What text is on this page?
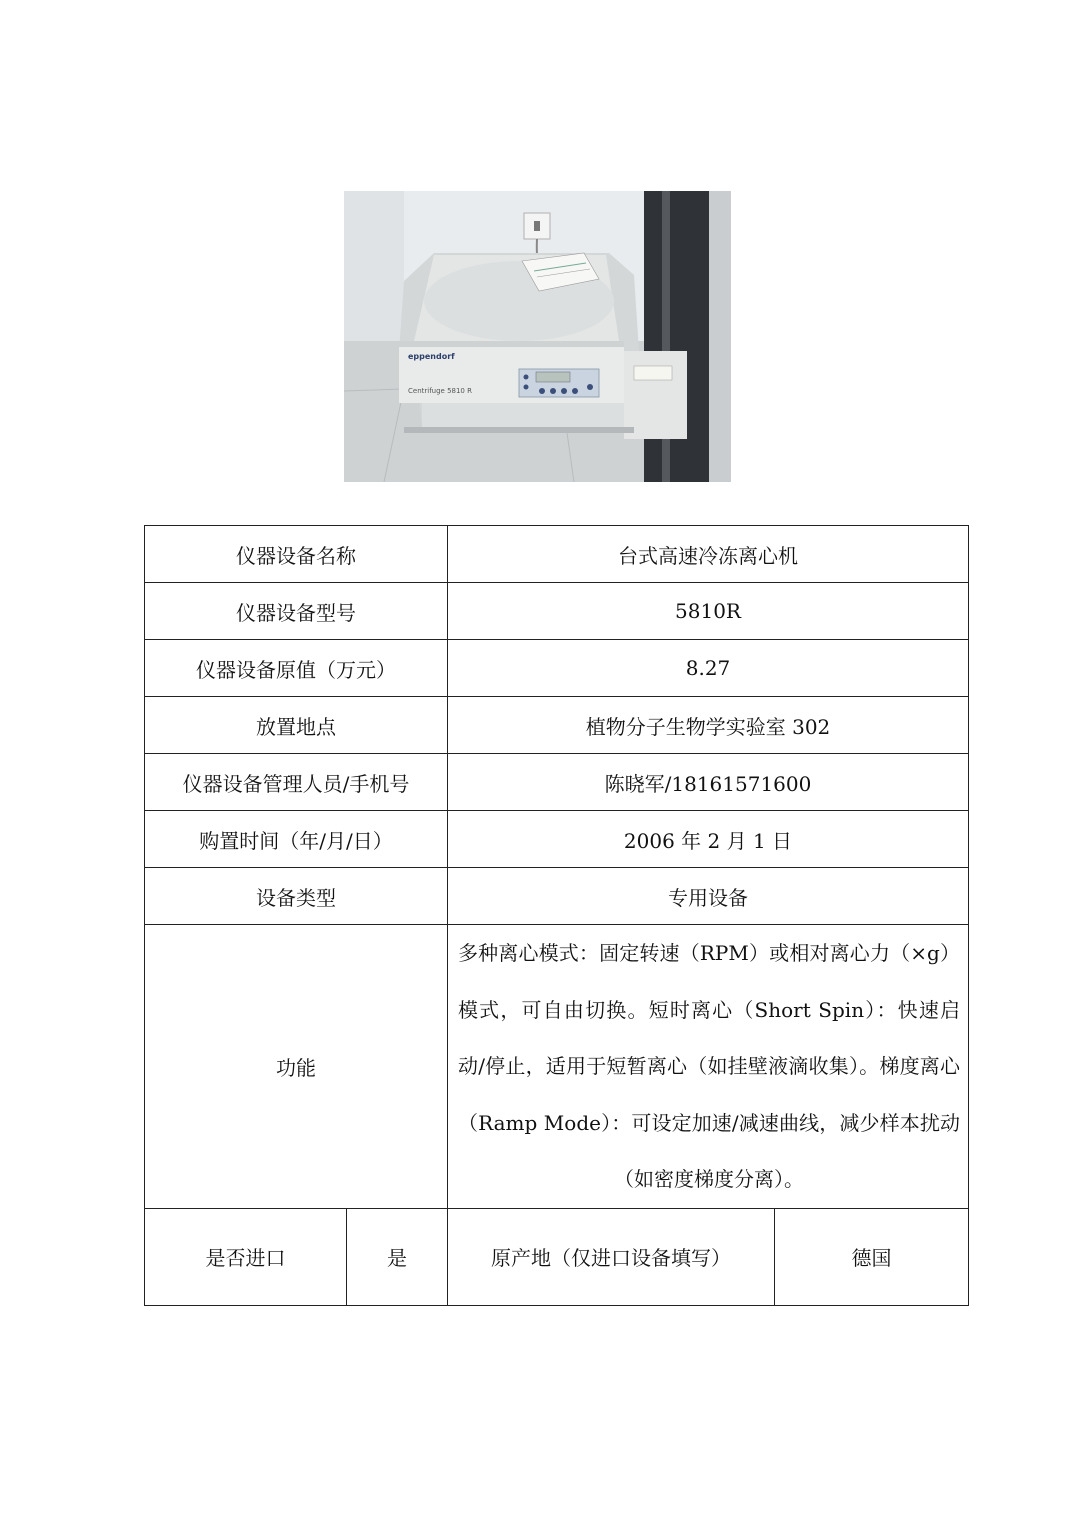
eppendorf
Centrifuge 5810 R
仪器设备名称		台式高速冷冻离心机	
仪器设备型号		5810R	
仪器设备原值（万元）		8.27	
放置地点		植物分子生物学实验室 302	
仪器设备管理人员/手机号		陈晓军/18161571600	
购置时间（年/月/日）		2006 年 2 月 1 日	
设备类型		专用设备	
功能		多种离心模式：固定转速（RPM）或相对离心力（×g）模式，可自由切换。短时离心（Short Spin）：快速启动/停止，适用于短暂离心（如挂壁液滴收集）。梯度离心（Ramp Mode）：可设定加速/减速曲线，减少样本扰动（如密度梯度分离）。	
是否进口	是	原产地（仅进口设备填写）	德国
